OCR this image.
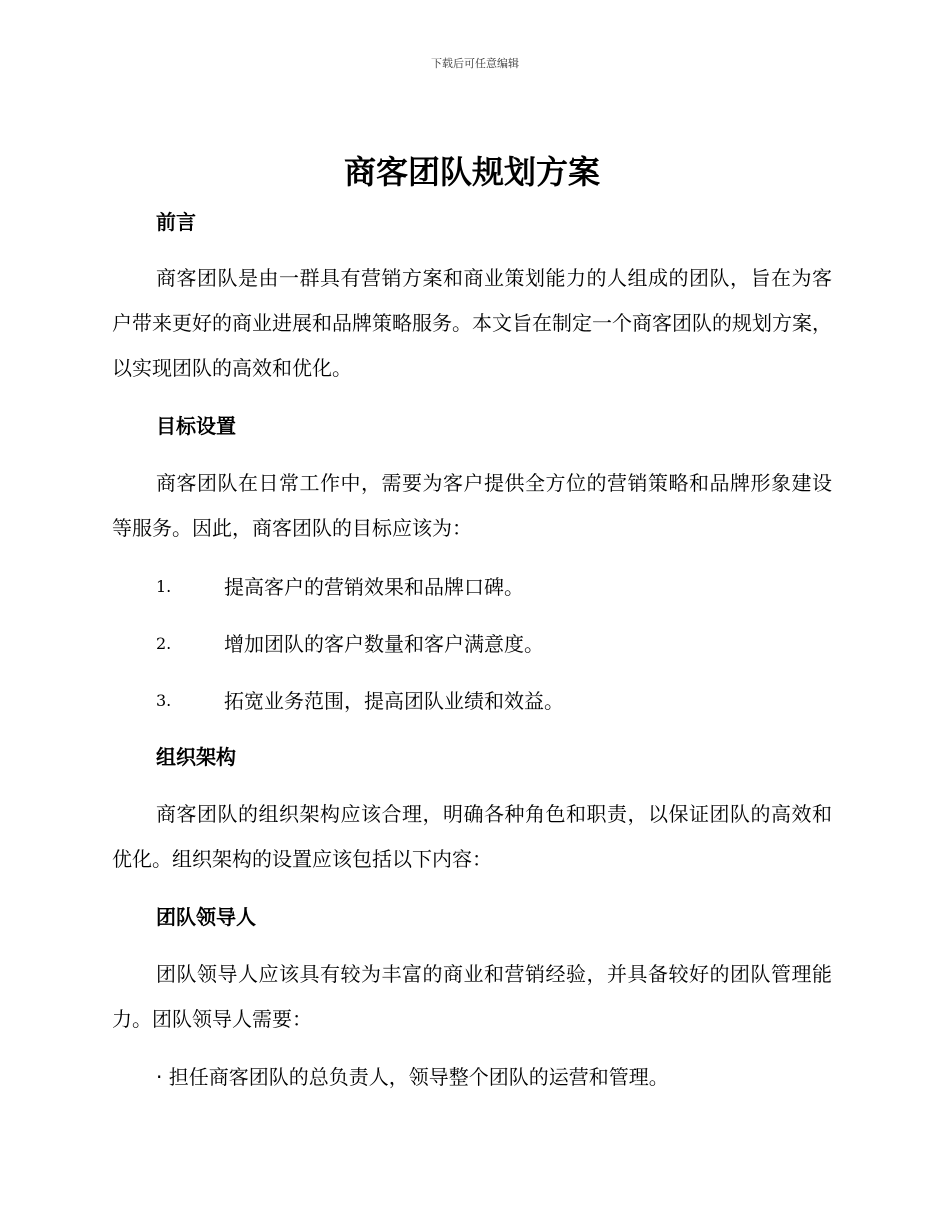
下载后可任意编辑
商客团队规划方案
前言

商客团队是由一群具有营销方案和商业策划能力的人组成的团队，旨在为客户带来更好的商业进展和品牌策略服务。本文旨在制定一个商客团队的规划方案，以实现团队的高效和优化。

目标设置

商客团队在日常工作中，需要为客户提供全方位的营销策略和品牌形象建设等服务。因此，商客团队的目标应该为：

1.	提高客户的营销效果和品牌口碑。
2.	增加团队的客户数量和客户满意度。
3.	拓宽业务范围，提高团队业绩和效益。
组织架构

商客团队的组织架构应该合理，明确各种角色和职责，以保证团队的高效和优化。组织架构的设置应该包括以下内容：

团队领导人

团队领导人应该具有较为丰富的商业和营销经验，并具备较好的团队管理能力。团队领导人需要：

· 担任商客团队的总负责人，领导整个团队的运营和管理。
